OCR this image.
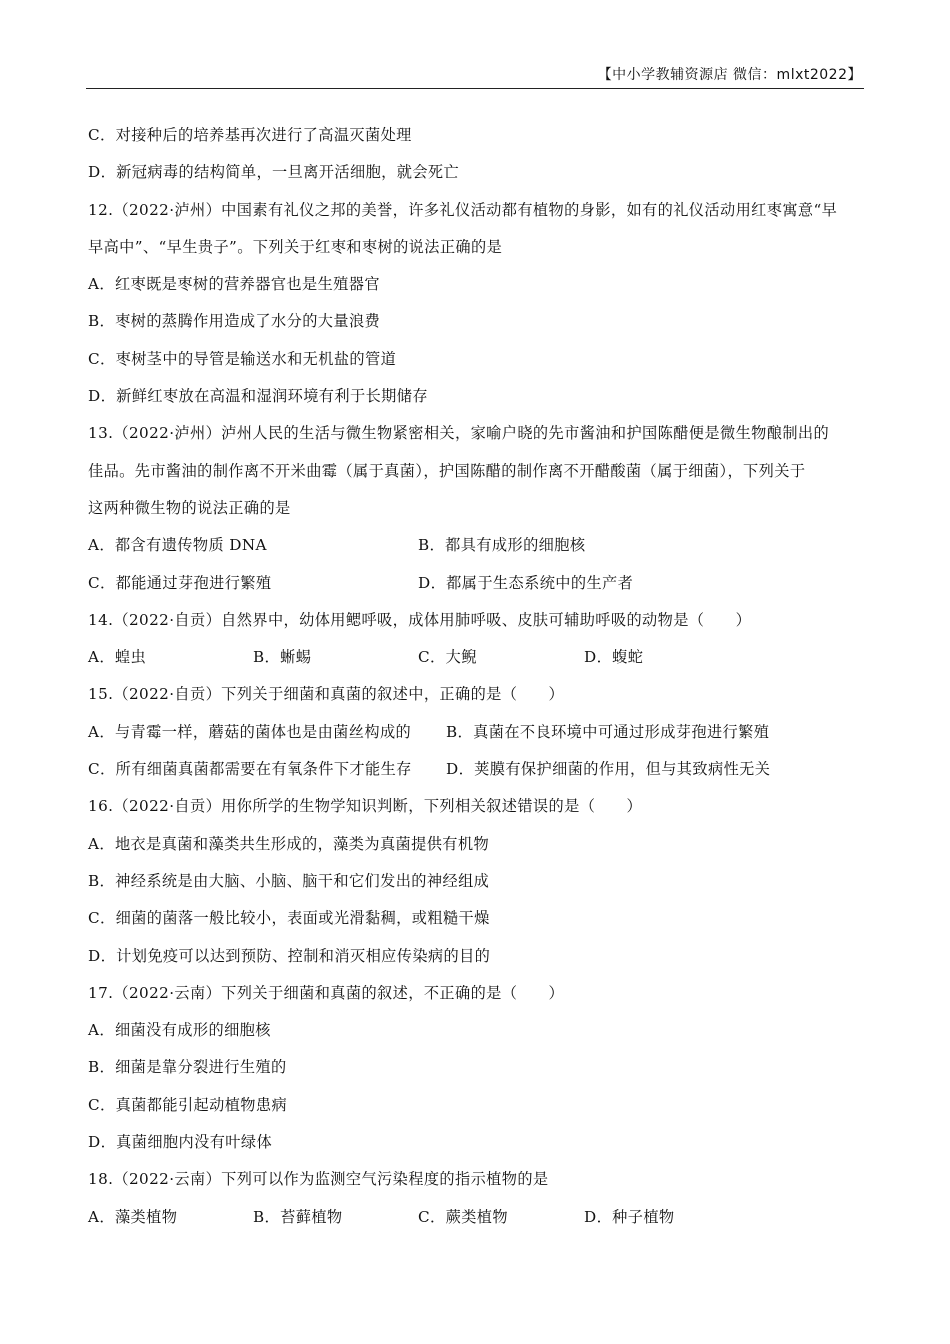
【中小学教辅资源店 微信：mlxt2022】
C．对接种后的培养基再次进行了高温灭菌处理
D．新冠病毒的结构简单，一旦离开活细胞，就会死亡
12.（2022·泸州）中国素有礼仪之邦的美誉，许多礼仪活动都有植物的身影，如有的礼仪活动用红枣寓意“早
早高中”、“早生贵子”。下列关于红枣和枣树的说法正确的是
A．红枣既是枣树的营养器官也是生殖器官
B．枣树的蒸腾作用造成了水分的大量浪费
C．枣树茎中的导管是输送水和无机盐的管道
D．新鲜红枣放在高温和湿润环境有利于长期储存
13.（2022·泸州）泸州人民的生活与微生物紧密相关，家喻户晓的先市酱油和护国陈醋便是微生物酿制出的
佳品。先市酱油的制作离不开米曲霉（属于真菌），护国陈醋的制作离不开醋酸菌（属于细菌），下列关于
这两种微生物的说法正确的是
A．都含有遗传物质 DNA	B．都具有成形的细胞核
C．都能通过芽孢进行繁殖	D．都属于生态系统中的生产者
14.（2022·自贡）自然界中，幼体用鳃呼吸，成体用肺呼吸、皮肤可辅助呼吸的动物是（　　）
A．蝗虫	B．蜥蜴	C．大鲵	D．蝮蛇
15.（2022·自贡）下列关于细菌和真菌的叙述中，正确的是（　　）
A．与青霉一样，蘑菇的菌体也是由菌丝构成的 B．真菌在不良环境中可通过形成芽孢进行繁殖
C．所有细菌真菌都需要在有氧条件下才能生存 D．荚膜有保护细菌的作用，但与其致病性无关
16.（2022·自贡）用你所学的生物学知识判断，下列相关叙述错误的是（　　）
A．地衣是真菌和藻类共生形成的，藻类为真菌提供有机物
B．神经系统是由大脑、小脑、脑干和它们发出的神经组成
C．细菌的菌落一般比较小，表面或光滑黏稠，或粗糙干燥
D．计划免疫可以达到预防、控制和消灭相应传染病的目的
17.（2022·云南）下列关于细菌和真菌的叙述，不正确的是（　　）
A．细菌没有成形的细胞核
B．细菌是靠分裂进行生殖的
C．真菌都能引起动植物患病
D．真菌细胞内没有叶绿体
18.（2022·云南）下列可以作为监测空气污染程度的指示植物的是
A．藻类植物	B．苔藓植物	C．蕨类植物	D．种子植物
